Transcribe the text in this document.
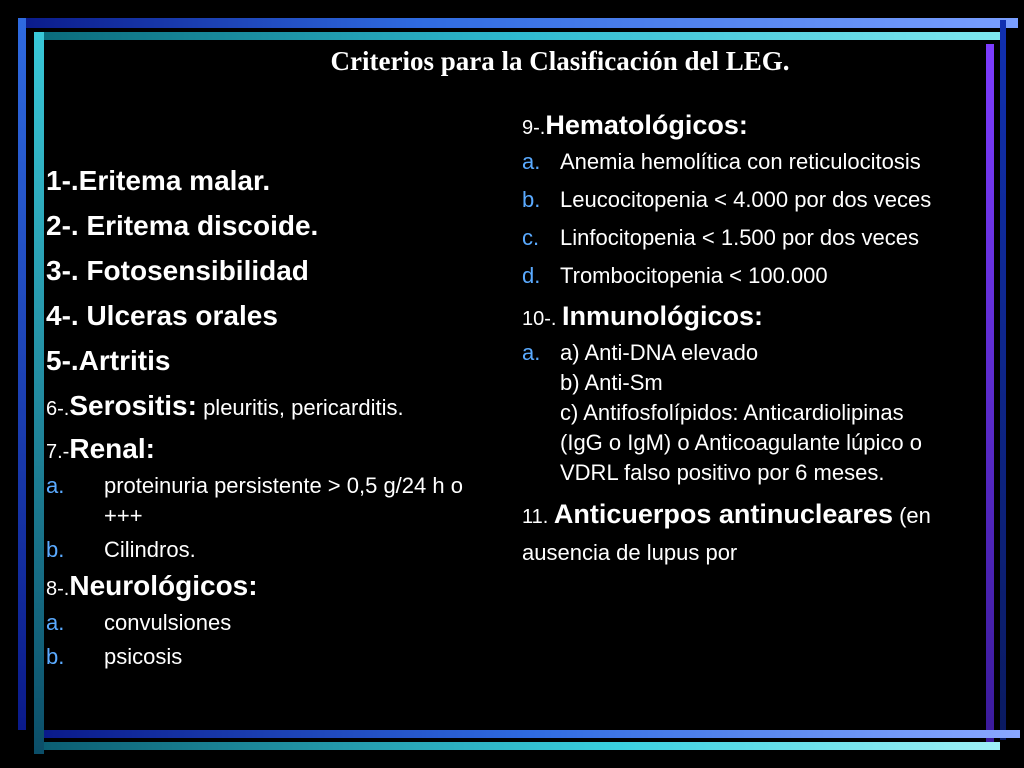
Criterios para la Clasificación del LEG.

1-.Eritema malar.

2-. Eritema discoide.

3-. Fotosensibilidad

4-. Ulceras orales

5-.Artritis

6-.Serositis: pleuritis, pericarditis.

7.-Renal:

a.	proteinuria persistente > 0,5 g/24 h o +++
b.	Cilindros.

8-.Neurológicos:

a.	convulsiones
b.	psicosis

9-.Hematológicos:

a. Anemia hemolítica con reticulocitosis
b. Leucocitopenia < 4.000 por dos veces
c. Linfocitopenia < 1.500 por dos veces
d. Trombocitopenia < 100.000

10-. Inmunológicos:

a. a) Anti-DNA elevado
b) Anti-Sm
c) Antifosfolípidos: Anticardiolipinas (IgG o IgM) o Anticoagulante lúpico o VDRL falso positivo por 6 meses.

11. Anticuerpos antinucleares (en ausencia de lupus por
